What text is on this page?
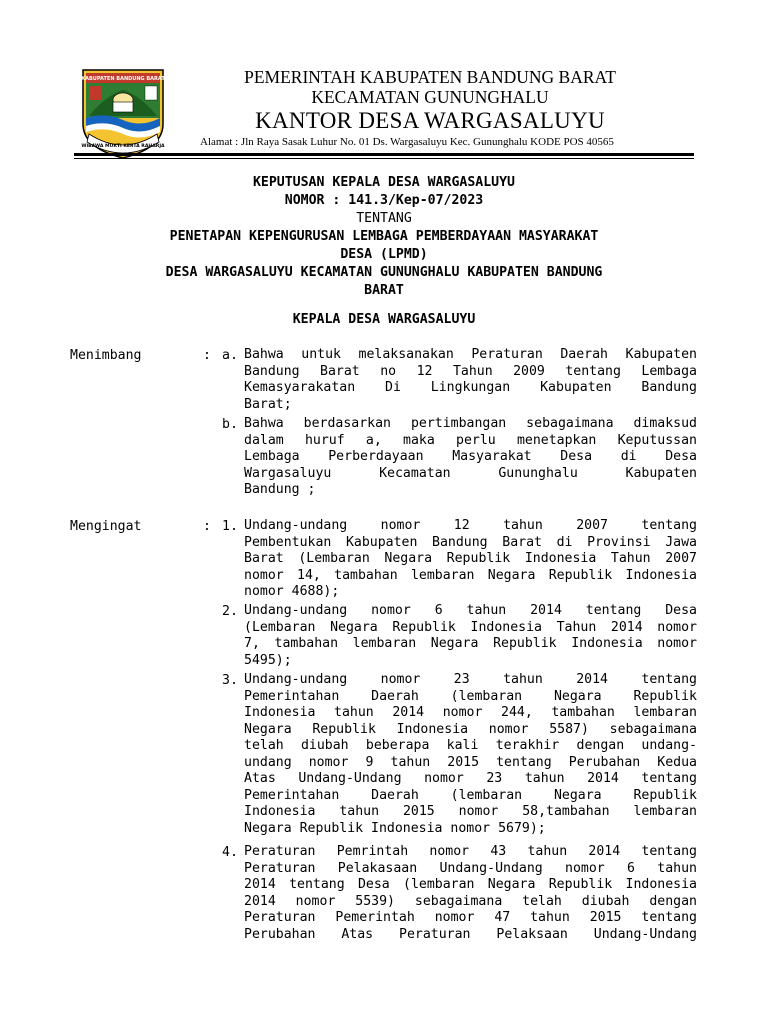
KABUPATEN BANDUNG BARAT
WIBAWA MUKTI KERTA RAHARJA
PEMERINTAH KABUPATEN BANDUNG BARAT
KECAMATAN GUNUNGHALU
KANTOR DESA WARGASALUYU
Alamat : Jln Raya Sasak Luhur No. 01 Ds. Wargasaluyu Kec. Gununghalu KODE POS 40565
KEPUTUSAN KEPALA DESA WARGASALUYU
NOMOR : 141.3/Kep-07/2023
TENTANG
PENETAPAN KEPENGURUSAN LEMBAGA PEMBERDAYAAN MASYARAKAT
DESA (LPMD)
DESA WARGASALUYU KECAMATAN GUNUNGHALU KABUPATEN BANDUNG
BARAT
KEPALA DESA WARGASALUYU
Menimbang	: a. Bahwa untuk melaksanakan Peraturan Daerah Kabupaten
Bandung Barat no 12 Tahun 2009 tentang Lembaga
Kemasyarakatan Di Lingkungan Kabupaten Bandung
Barat;
b. Bahwa berdasarkan pertimbangan sebagaimana dimaksud
dalam huruf a, maka perlu menetapkan Keputussan
Lembaga Perberdayaan Masyarakat Desa di Desa
Wargasaluyu Kecamatan Gununghalu Kabupaten
Bandung ;
Mengingat	: 1. Undang-undang nomor 12 tahun 2007 tentang
Pembentukan Kabupaten Bandung Barat di Provinsi Jawa
Barat (Lembaran Negara Republik Indonesia Tahun 2007
nomor 14, tambahan lembaran Negara Republik Indonesia
nomor 4688);
2. Undang-undang nomor 6 tahun 2014 tentang Desa
(Lembaran Negara Republik Indonesia Tahun 2014 nomor
7, tambahan lembaran Negara Republik Indonesia nomor
5495);
3. Undang-undang nomor 23 tahun 2014 tentang
Pemerintahan Daerah (lembaran Negara Republik
Indonesia tahun 2014 nomor 244, tambahan lembaran
Negara Republik Indonesia nomor 5587) sebagaimana
telah diubah beberapa kali terakhir dengan undang-
undang nomor 9 tahun 2015 tentang Perubahan Kedua
Atas Undang-Undang nomor 23 tahun 2014 tentang
Pemerintahan Daerah (lembaran Negara Republik
Indonesia tahun 2015 nomor 58,tambahan lembaran
Negara Republik Indonesia nomor 5679);
4. Peraturan Pemrintah nomor 43 tahun 2014 tentang
Peraturan Pelakasaan Undang-Undang nomor 6 tahun
2014 tentang Desa (lembaran Negara Republik Indonesia
2014 nomor 5539) sebagaimana telah diubah dengan
Peraturan Pemerintah nomor 47 tahun 2015 tentang
Perubahan Atas Peraturan Pelaksaan Undang-Undang
